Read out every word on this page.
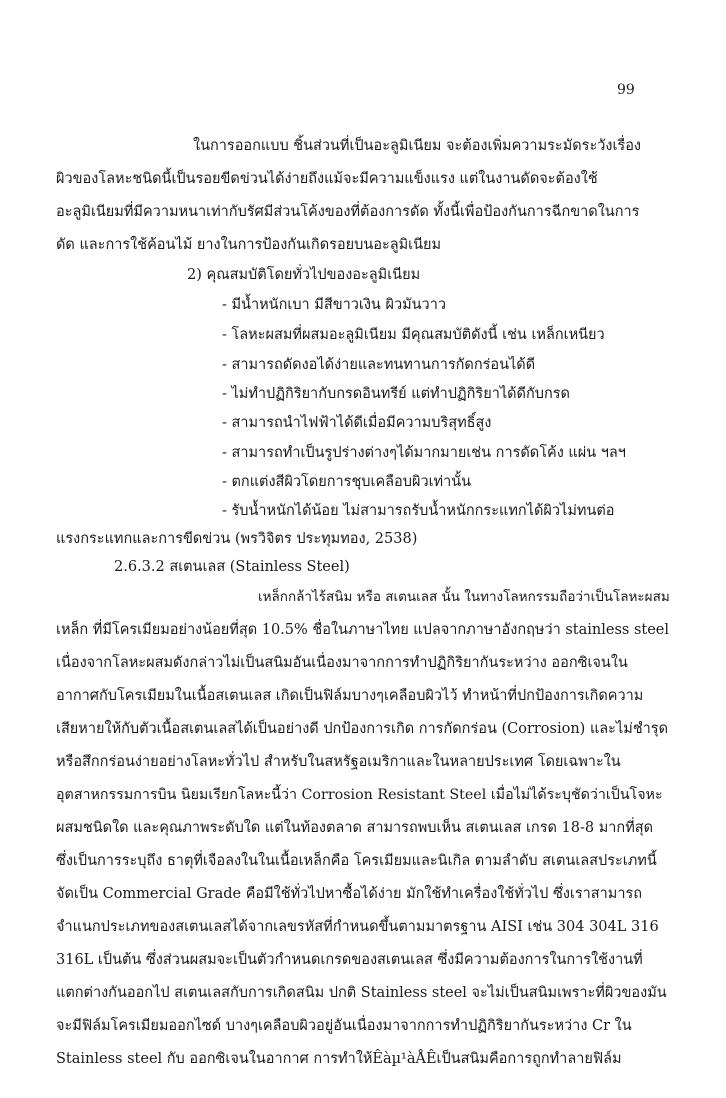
99
ในการออกแบบ ชิ้นส่วนที่เป็นอะลูมิเนียม จะต้องเพิ่มความระมัดระวังเรื่อง
ผิวของโลหะชนิดนี้เป็นรอยขีดข่วนได้ง่ายถึงแม้จะมีความแข็งแรง แต่ในงานดัดจะต้องใช้
อะลูมิเนียมที่มีความหนาเท่ากับรัศมีส่วนโค้งของที่ต้องการดัด ทั้งนี้เพื่อป้องกันการฉีกขาดในการ
ดัด และการใช้ค้อนไม้ ยางในการป้องกันเกิดรอยบนอะลูมิเนียม
2) คุณสมบัติโดยทั่วไปของอะลูมิเนียม
- มีน้ำหนักเบา มีสีขาวเงิน ผิวมันวาว
- โลหะผสมที่ผสมอะลูมิเนียม มีคุณสมบัติดังนี้ เช่น เหล็กเหนียว
- สามารถดัดงอได้ง่ายและทนทานการกัดกร่อนได้ดี
- ไม่ทำปฏิกิริยากับกรดอินทรีย์ แต่ทำปฏิกิริยาได้ดีกับกรด
- สามารถนำไฟฟ้าได้ดีเมื่อมีความบริสุทธิ์สูง
- สามารถทำเป็นรูปร่างต่างๆได้มากมายเช่น การดัดโค้ง แผ่น ฯลฯ
- ตกแต่งสีผิวโดยการชุบเคลือบผิวเท่านั้น
- รับน้ำหนักได้น้อย ไม่สามารถรับน้ำหนักกระแทกได้ผิวไม่ทนต่อ
แรงกระแทกและการขีดข่วน (พรวิจิตร ประทุมทอง, 2538)
2.6.3.2 สเตนเลส (Stainless Steel)
เหล็กกล้าไร้สนิม หรือ สเตนเลส นั้น ในทางโลหกรรมถือว่าเป็นโลหะผสม
เหล็ก ที่มีโครเมียมอย่างน้อยที่สุด 10.5% ชื่อในภาษาไทย แปลจากภาษาอังกฤษว่า stainless steel
เนื่องจากโลหะผสมดังกล่าวไม่เป็นสนิมอันเนื่องมาจากการทำปฏิกิริยากันระหว่าง ออกซิเจนใน
อากาศกับโครเมียมในเนื้อสเตนเลส เกิดเป็นฟิล์มบางๆเคลือบผิวไว้ ทำหน้าที่ปกป้องการเกิดความ
เสียหายให้กับตัวเนื้อสเตนเลสได้เป็นอย่างดี ปกป้องการเกิด การกัดกร่อน (Corrosion) และไม่ชำรุด
หรือสึกกร่อนง่ายอย่างโลหะทั่วไป สำหรับในสหรัฐอเมริกาและในหลายประเทศ โดยเฉพาะใน
อุตสาหกรรมการบิน นิยมเรียกโลหะนี้ว่า Corrosion Resistant Steel เมื่อไม่ได้ระบุชัดว่าเป็นโจหะ
ผสมชนิดใด และคุณภาพระดับใด แต่ในท้องตลาด สามารถพบเห็น สเตนเลส เกรด 18-8 มากที่สุด
ซึ่งเป็นการระบุถึง ธาตุที่เจือลงในในเนื้อเหล็กคือ โครเมียมและนิเกิล ตามลำดับ สเตนเลสประเภทนี้
จัดเป็น Commercial Grade คือมีใช้ทั่วไปหาซื้อได้ง่าย มักใช้ทำเครื่องใช้ทั่วไป ซึ่งเราสามารถ
จำแนกประเภทของสเตนเลสได้จากเลขรหัสที่กำหนดขึ้นตามมาตรฐาน AISI เช่น 304 304L 316
316L เป็นต้น ซึ่งส่วนผสมจะเป็นตัวกำหนดเกรดของสเตนเลส ซึ่งมีความต้องการในการใช้งานที่
แตกต่างกันออกไป สเตนเลสกับการเกิดสนิม ปกติ Stainless steel จะไม่เป็นสนิมเพราะที่ผิวของมัน
จะมีฟิล์มโครเมียมออกไซด์ บางๆเคลือบผิวอยู่อันเนื่องมาจากการทำปฏิกิริยากันระหว่าง Cr ใน
Stainless steel กับ ออกซิเจนในอากาศ การทำให้Êàµ¹àÅÊเป็นสนิมคือการถูกทำลายฟิล์ม
